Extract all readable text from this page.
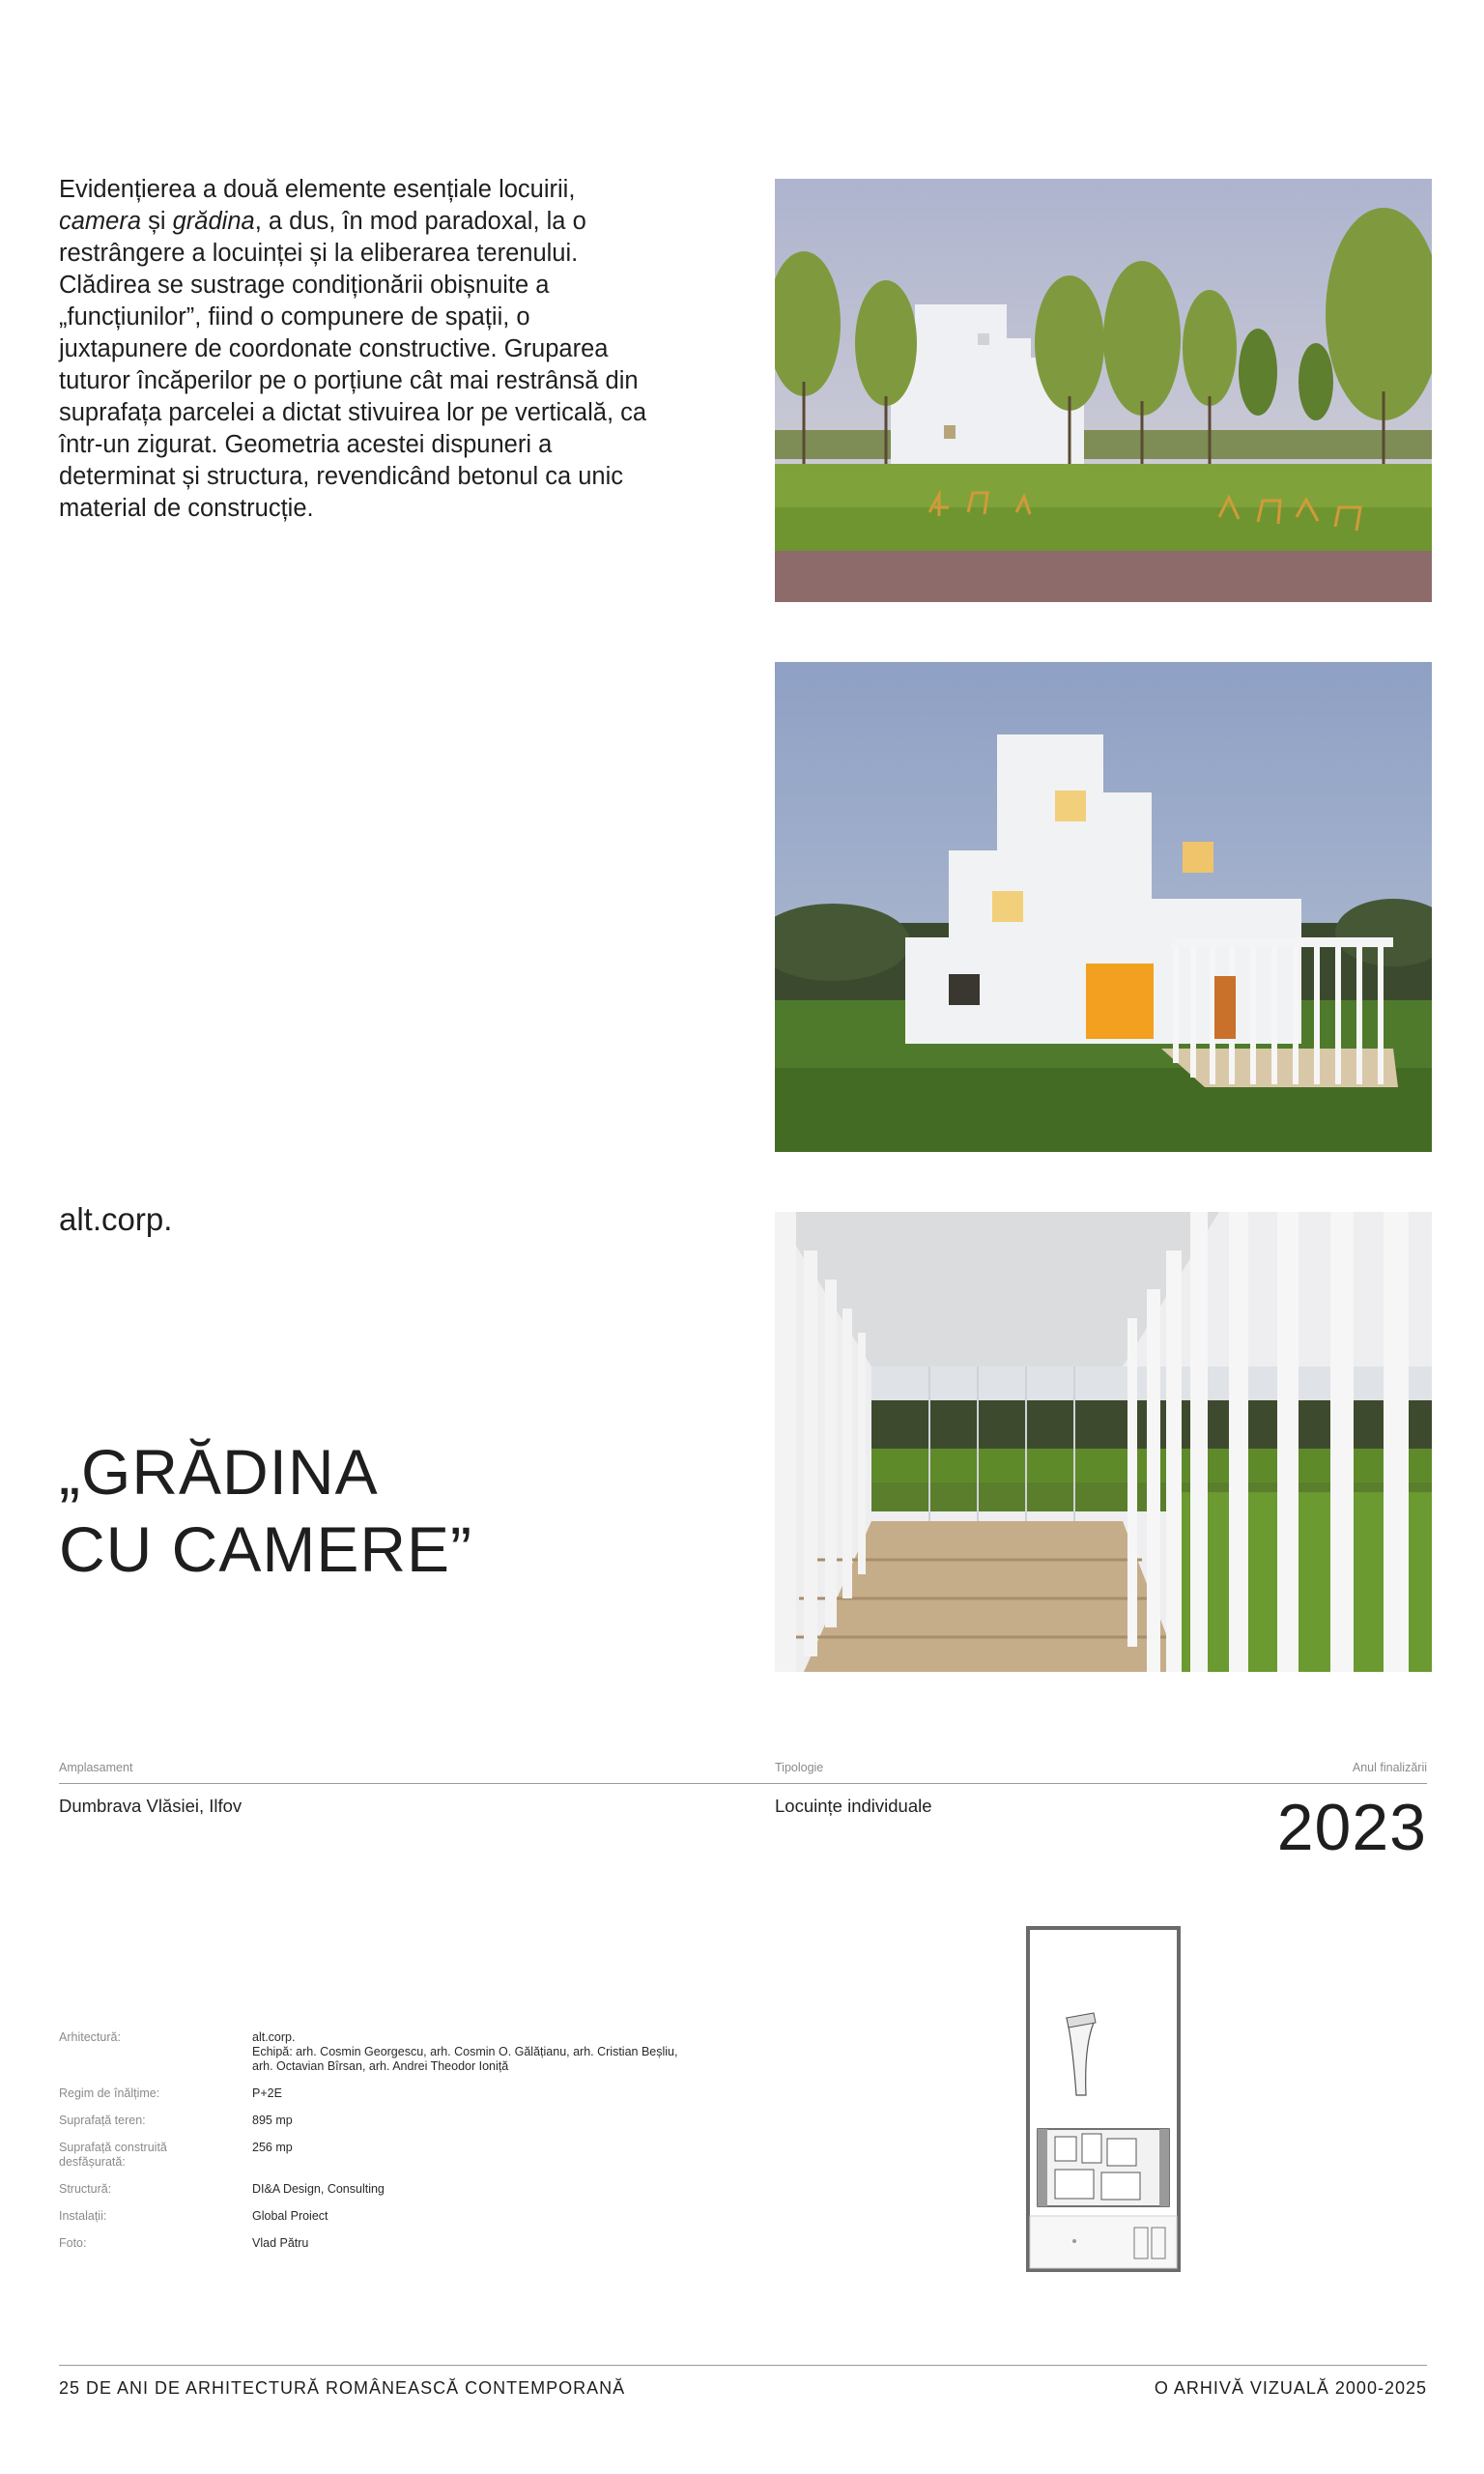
Evidențierea a două elemente esențiale locuirii, camera și grădina, a dus, în mod paradoxal, la o restrângere a locuinței și la eliberarea terenului. Clădirea se sustrage condiționării obișnuite a „funcțiunilor”, fiind o compunere de spații, o juxtapunere de coordonate constructive. Gruparea tuturor încăperilor pe o porțiune cât mai restrânsă din suprafața parcelei a dictat stivuirea lor pe verticală, ca într-un zigurat. Geometria acestei dispuneri a determinat și structura, revendicând betonul ca unic material de construcție.
alt.corp.
„GRĂDINA
CU CAMERE”
Amplasament	Tipologie	Anul finalizării
Dumbrava Vlăsiei, Ilfov	Locuințe individuale	2023
Arhitectură:	alt.corp.
Echipă: arh. Cosmin Georgescu, arh. Cosmin O. Gălățianu, arh. Cristian Beșliu,
arh. Octavian Bîrsan, arh. Andrei Theodor Ioniță
Regim de înălțime:	P+2E
Suprafață teren:	895 mp
Suprafață construită desfășurată:
256 mp
Structură:	DI&A Design, Consulting
Instalații:	Global Proiect
Foto:	Vlad Pătru
25 DE ANI DE ARHITECTURĂ ROMÂNEASCĂ CONTEMPORANĂ	O ARHIVĂ VIZUALĂ 2000-2025
